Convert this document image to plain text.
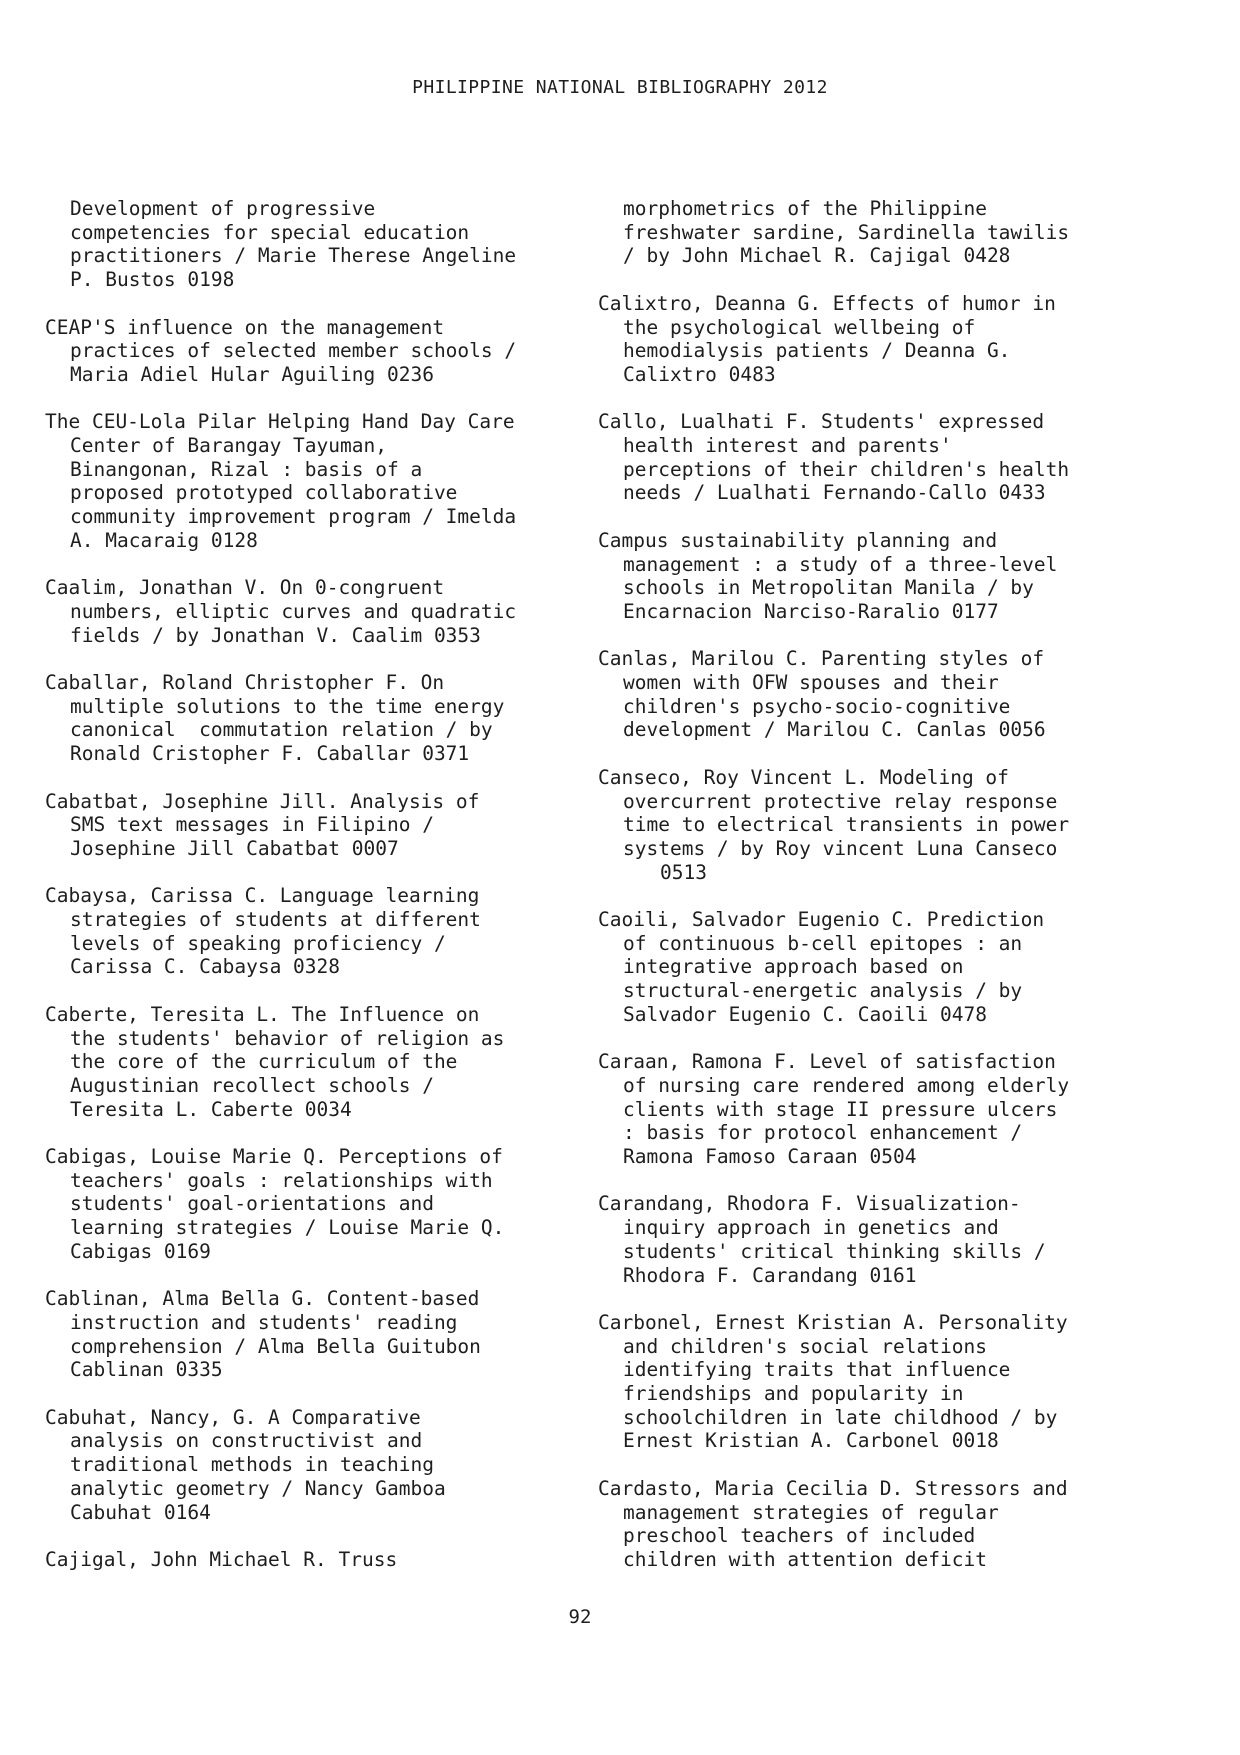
PHILIPPINE NATIONAL BIBLIOGRAPHY 2012

Development of progressive
competencies for special education
practitioners / Marie Therese Angeline
P. Bustos 0198

CEAP'S influence on the management
practices of selected member schools /
Maria Adiel Hular Aguiling 0236

The CEU-Lola Pilar Helping Hand Day Care
Center of Barangay Tayuman,
Binangonan, Rizal : basis of a
proposed prototyped collaborative
community improvement program / Imelda
A. Macaraig 0128

Caalim, Jonathan V. On 0-congruent
numbers, elliptic curves and quadratic
fields / by Jonathan V. Caalim 0353

Caballar, Roland Christopher F. On
multiple solutions to the time energy
canonical  commutation relation / by
Ronald Cristopher F. Caballar 0371

Cabatbat, Josephine Jill. Analysis of
SMS text messages in Filipino /
Josephine Jill Cabatbat 0007

Cabaysa, Carissa C. Language learning
strategies of students at different
levels of speaking proficiency /
Carissa C. Cabaysa 0328

Caberte, Teresita L. The Influence on
the students' behavior of religion as
the core of the curriculum of the
Augustinian recollect schools /
Teresita L. Caberte 0034

Cabigas, Louise Marie Q. Perceptions of
teachers' goals : relationships with
students' goal-orientations and
learning strategies / Louise Marie Q.
Cabigas 0169

Cablinan, Alma Bella G. Content-based
instruction and students' reading
comprehension / Alma Bella Guitubon
Cablinan 0335

Cabuhat, Nancy, G. A Comparative
analysis on constructivist and
traditional methods in teaching
analytic geometry / Nancy Gamboa
Cabuhat 0164

Cajigal, John Michael R. Truss

morphometrics of the Philippine
freshwater sardine, Sardinella tawilis
/ by John Michael R. Cajigal 0428

Calixtro, Deanna G. Effects of humor in
the psychological wellbeing of
hemodialysis patients / Deanna G.
Calixtro 0483

Callo, Lualhati F. Students' expressed
health interest and parents'
perceptions of their children's health
needs / Lualhati Fernando-Callo 0433

Campus sustainability planning and
management : a study of a three-level
schools in Metropolitan Manila / by
Encarnacion Narciso-Raralio 0177

Canlas, Marilou C. Parenting styles of
women with OFW spouses and their
children's psycho-socio-cognitive
development / Marilou C. Canlas 0056

Canseco, Roy Vincent L. Modeling of
overcurrent protective relay response
time to electrical transients in power
systems / by Roy vincent Luna Canseco
0513

Caoili, Salvador Eugenio C. Prediction
of continuous b-cell epitopes : an
integrative approach based on
structural-energetic analysis / by
Salvador Eugenio C. Caoili 0478

Caraan, Ramona F. Level of satisfaction
of nursing care rendered among elderly
clients with stage II pressure ulcers
: basis for protocol enhancement /
Ramona Famoso Caraan 0504

Carandang, Rhodora F. Visualization-
inquiry approach in genetics and
students' critical thinking skills /
Rhodora F. Carandang 0161

Carbonel, Ernest Kristian A. Personality
and children's social relations
identifying traits that influence
friendships and popularity in
schoolchildren in late childhood / by
Ernest Kristian A. Carbonel 0018

Cardasto, Maria Cecilia D. Stressors and
management strategies of regular
preschool teachers of included
children with attention deficit

92
